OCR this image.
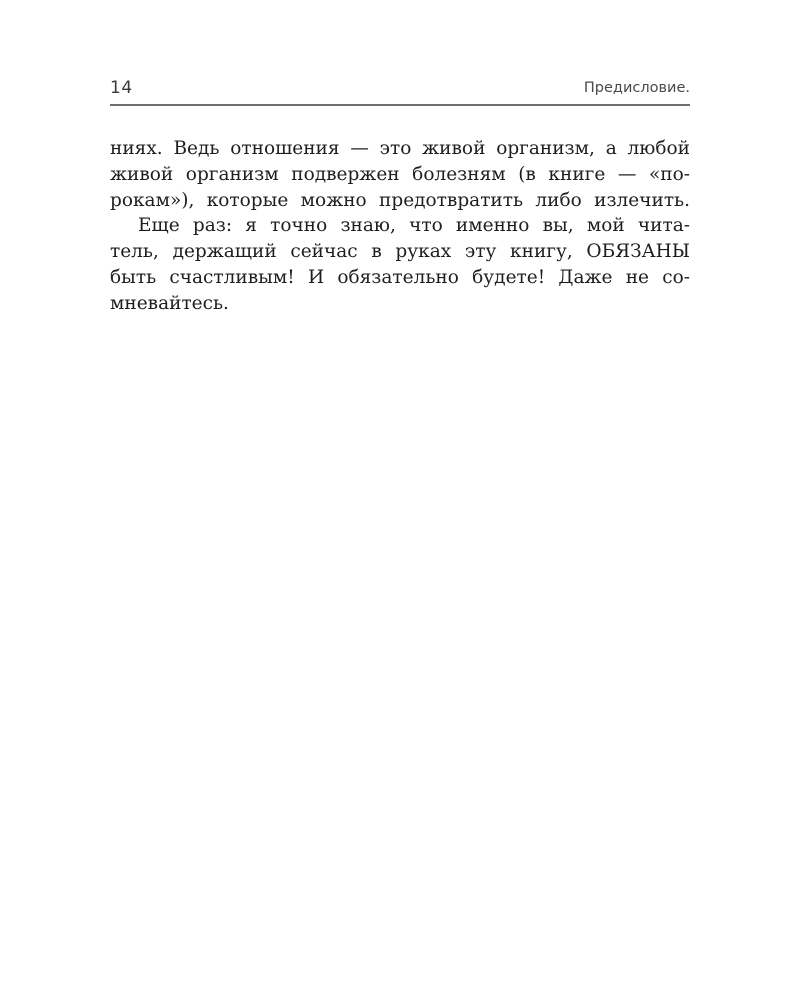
14	Предисловие.
ниях. Ведь отношения — это живой организм, а любой
живой организм подвержен болезням (в книге — «по-
рокам»), которые можно предотвратить либо излечить.
Еще раз: я точно знаю, что именно вы, мой чита-
тель, держащий сейчас в руках эту книгу, ОБЯЗАНЫ
быть счастливым! И обязательно будете! Даже не со-
мневайтесь.
